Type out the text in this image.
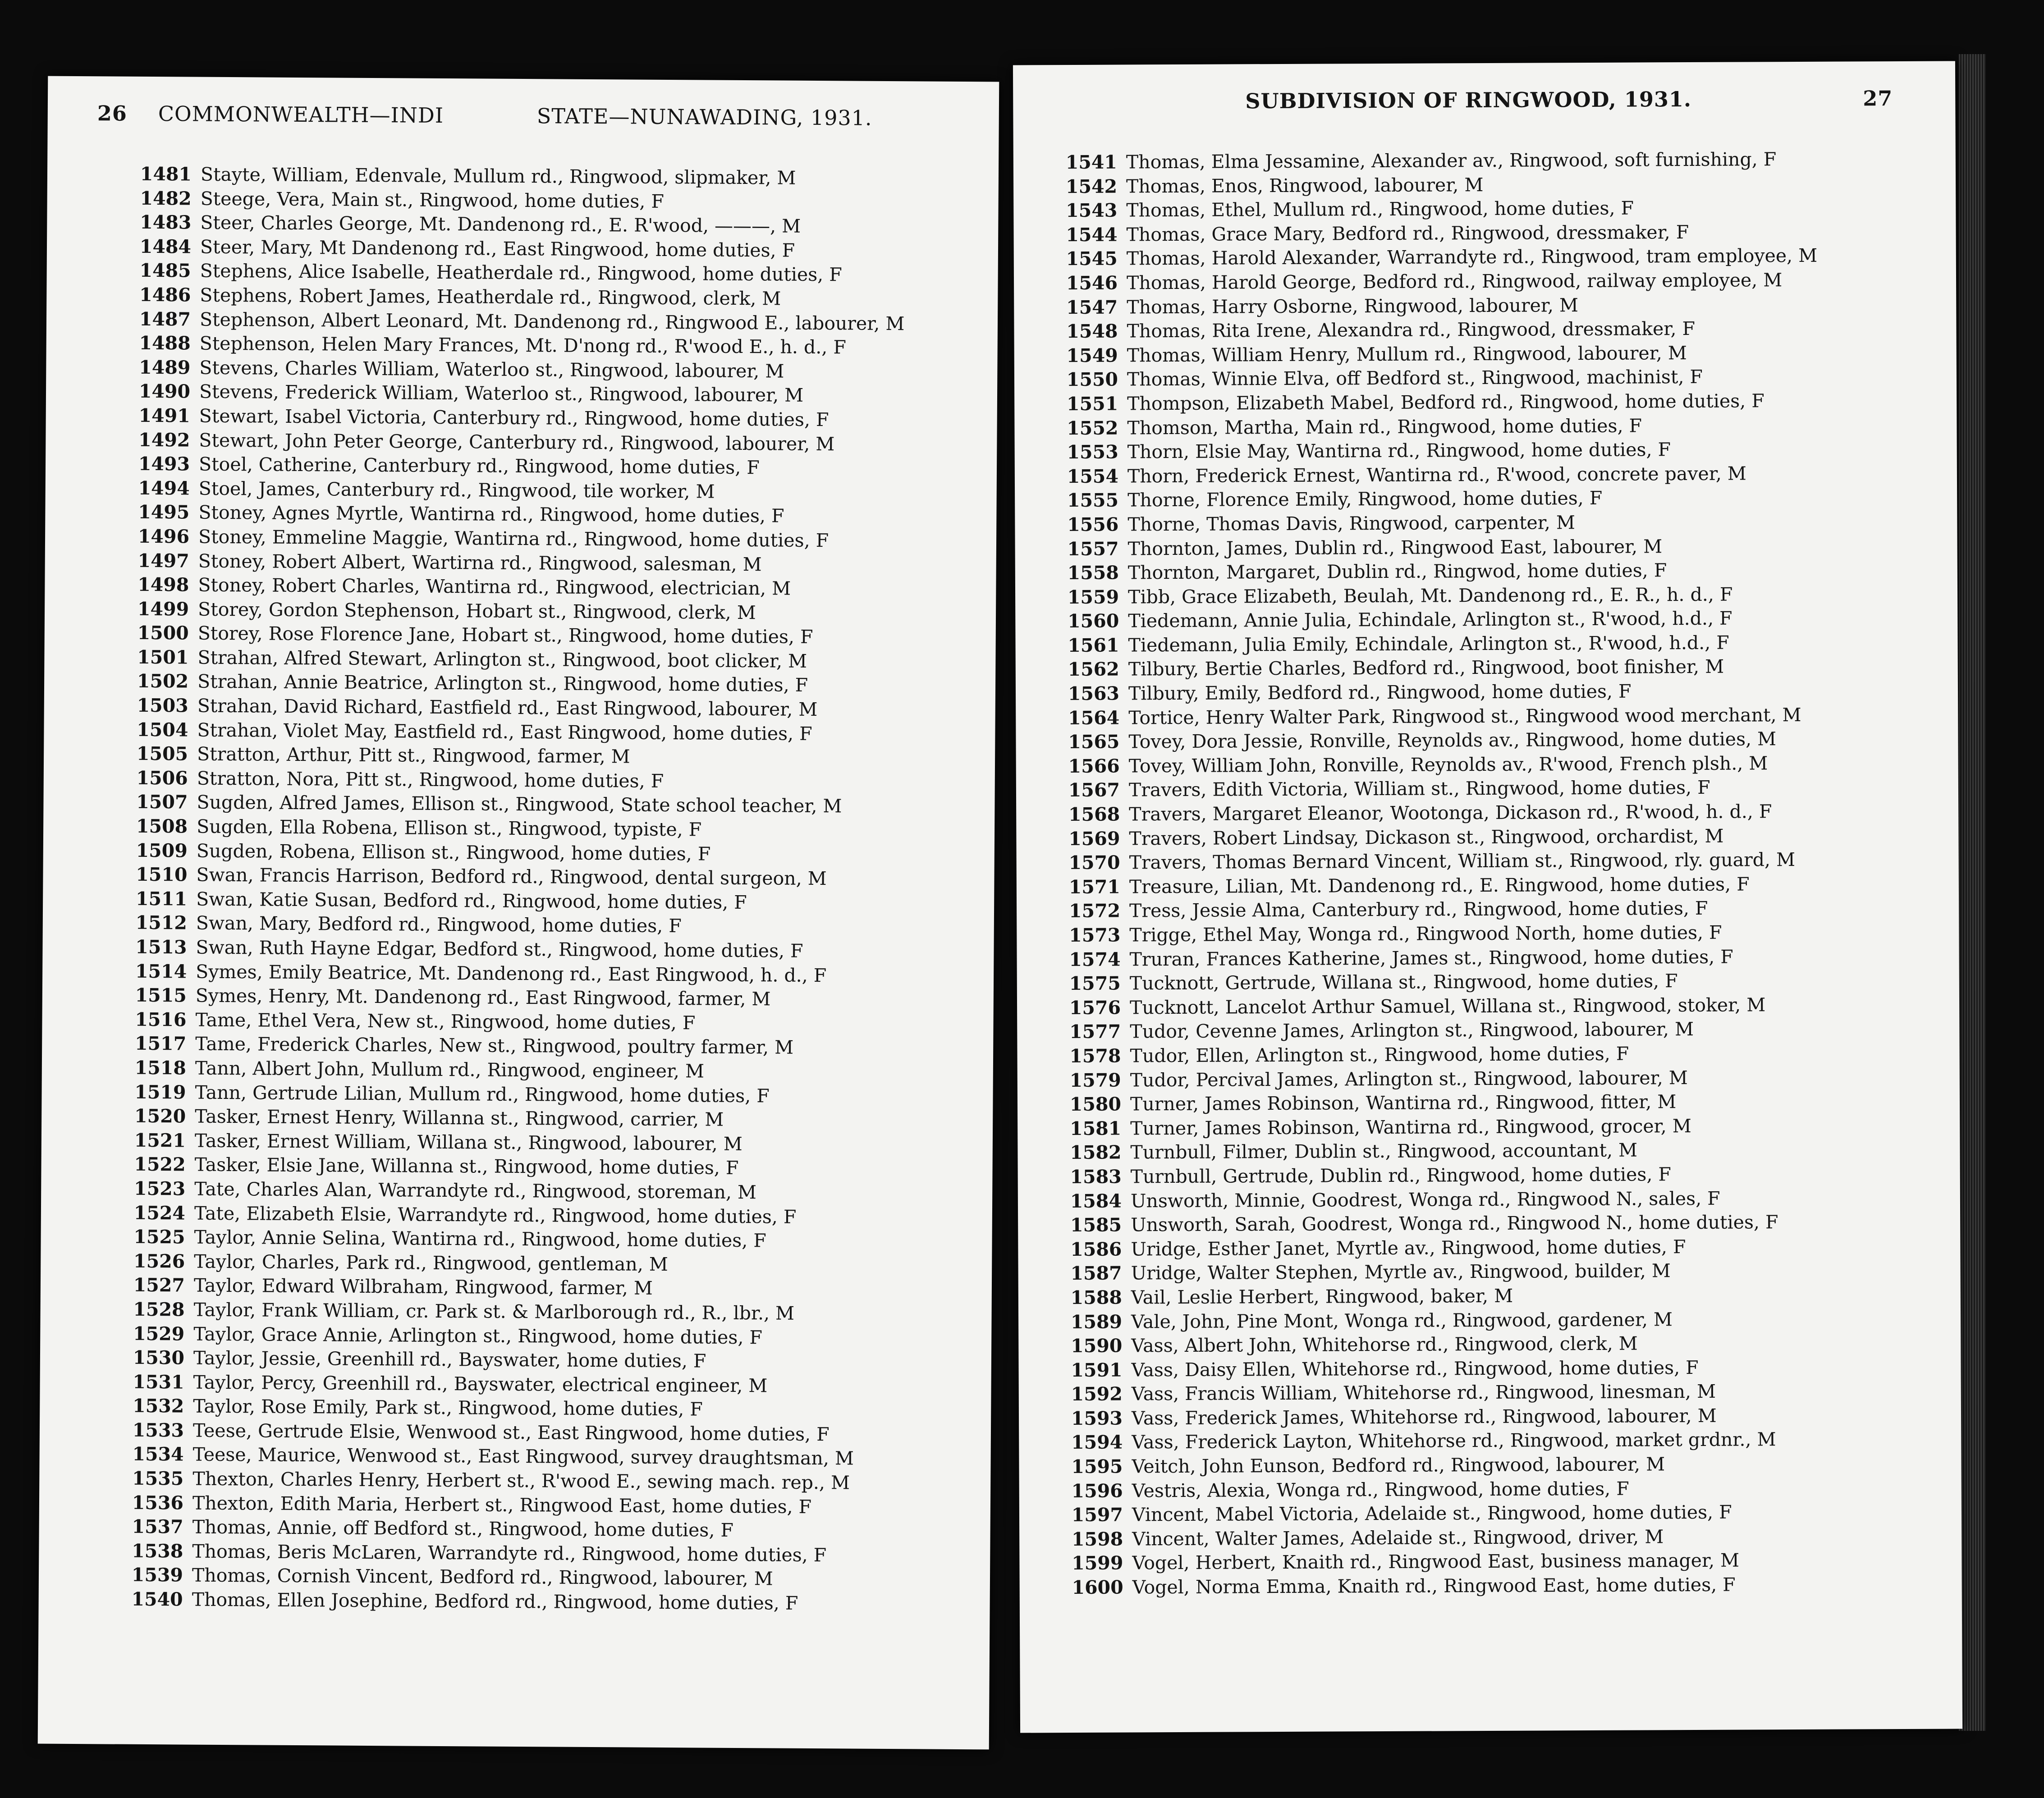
26 COMMONWEALTH—INDI	STATE—NUNAWADING, 1931.
1481 Stayte, William, Edenvale, Mullum rd., Ringwood, slipmaker, M
1482 Steege, Vera, Main st., Ringwood, home duties, F
1483 Steer, Charles George, Mt. Dandenong rd., E. R'wood, ———, M
1484 Steer, Mary, Mt Dandenong rd., East Ringwood, home duties, F
1485 Stephens, Alice Isabelle, Heatherdale rd., Ringwood, home duties, F
1486 Stephens, Robert James, Heatherdale rd., Ringwood, clerk, M
1487 Stephenson, Albert Leonard, Mt. Dandenong rd., Ringwood E., labourer, M
1488 Stephenson, Helen Mary Frances, Mt. D'nong rd., R'wood E., h. d., F
1489 Stevens, Charles William, Waterloo st., Ringwood, labourer, M
1490 Stevens, Frederick William, Waterloo st., Ringwood, labourer, M
1491 Stewart, Isabel Victoria, Canterbury rd., Ringwood, home duties, F
1492 Stewart, John Peter George, Canterbury rd., Ringwood, labourer, M
1493 Stoel, Catherine, Canterbury rd., Ringwood, home duties, F
1494 Stoel, James, Canterbury rd., Ringwood, tile worker, M
1495 Stoney, Agnes Myrtle, Wantirna rd., Ringwood, home duties, F
1496 Stoney, Emmeline Maggie, Wantirna rd., Ringwood, home duties, F
1497 Stoney, Robert Albert, Wartirna rd., Ringwood, salesman, M
1498 Stoney, Robert Charles, Wantirna rd., Ringwood, electrician, M
1499 Storey, Gordon Stephenson, Hobart st., Ringwood, clerk, M
1500 Storey, Rose Florence Jane, Hobart st., Ringwood, home duties, F
1501 Strahan, Alfred Stewart, Arlington st., Ringwood, boot clicker, M
1502 Strahan, Annie Beatrice, Arlington st., Ringwood, home duties, F
1503 Strahan, David Richard, Eastfield rd., East Ringwood, labourer, M
1504 Strahan, Violet May, Eastfield rd., East Ringwood, home duties, F
1505 Stratton, Arthur, Pitt st., Ringwood, farmer, M
1506 Stratton, Nora, Pitt st., Ringwood, home duties, F
1507 Sugden, Alfred James, Ellison st., Ringwood, State school teacher, M
1508 Sugden, Ella Robena, Ellison st., Ringwood, typiste, F
1509 Sugden, Robena, Ellison st., Ringwood, home duties, F
1510 Swan, Francis Harrison, Bedford rd., Ringwood, dental surgeon, M
1511 Swan, Katie Susan, Bedford rd., Ringwood, home duties, F
1512 Swan, Mary, Bedford rd., Ringwood, home duties, F
1513 Swan, Ruth Hayne Edgar, Bedford st., Ringwood, home duties, F
1514 Symes, Emily Beatrice, Mt. Dandenong rd., East Ringwood, h. d., F
1515 Symes, Henry, Mt. Dandenong rd., East Ringwood, farmer, M
1516 Tame, Ethel Vera, New st., Ringwood, home duties, F
1517 Tame, Frederick Charles, New st., Ringwood, poultry farmer, M
1518 Tann, Albert John, Mullum rd., Ringwood, engineer, M
1519 Tann, Gertrude Lilian, Mullum rd., Ringwood, home duties, F
1520 Tasker, Ernest Henry, Willanna st., Ringwood, carrier, M
1521 Tasker, Ernest William, Willana st., Ringwood, labourer, M
1522 Tasker, Elsie Jane, Willanna st., Ringwood, home duties, F
1523 Tate, Charles Alan, Warrandyte rd., Ringwood, storeman, M
1524 Tate, Elizabeth Elsie, Warrandyte rd., Ringwood, home duties, F
1525 Taylor, Annie Selina, Wantirna rd., Ringwood, home duties, F
1526 Taylor, Charles, Park rd., Ringwood, gentleman, M
1527 Taylor, Edward Wilbraham, Ringwood, farmer, M
1528 Taylor, Frank William, cr. Park st. & Marlborough rd., R., lbr., M
1529 Taylor, Grace Annie, Arlington st., Ringwood, home duties, F
1530 Taylor, Jessie, Greenhill rd., Bayswater, home duties, F
1531 Taylor, Percy, Greenhill rd., Bayswater, electrical engineer, M
1532 Taylor, Rose Emily, Park st., Ringwood, home duties, F
1533 Teese, Gertrude Elsie, Wenwood st., East Ringwood, home duties, F
1534 Teese, Maurice, Wenwood st., East Ringwood, survey draughtsman, M
1535 Thexton, Charles Henry, Herbert st., R'wood E., sewing mach. rep., M
1536 Thexton, Edith Maria, Herbert st., Ringwood East, home duties, F
1537 Thomas, Annie, off Bedford st., Ringwood, home duties, F
1538 Thomas, Beris McLaren, Warrandyte rd., Ringwood, home duties, F
1539 Thomas, Cornish Vincent, Bedford rd., Ringwood, labourer, M
1540 Thomas, Ellen Josephine, Bedford rd., Ringwood, home duties, F
SUBDIVISION OF RINGWOOD, 1931.	27
1541 Thomas, Elma Jessamine, Alexander av., Ringwood, soft furnishing, F
1542 Thomas, Enos, Ringwood, labourer, M
1543 Thomas, Ethel, Mullum rd., Ringwood, home duties, F
1544 Thomas, Grace Mary, Bedford rd., Ringwood, dressmaker, F
1545 Thomas, Harold Alexander, Warrandyte rd., Ringwood, tram employee, M
1546 Thomas, Harold George, Bedford rd., Ringwood, railway employee, M
1547 Thomas, Harry Osborne, Ringwood, labourer, M
1548 Thomas, Rita Irene, Alexandra rd., Ringwood, dressmaker, F
1549 Thomas, William Henry, Mullum rd., Ringwood, labourer, M
1550 Thomas, Winnie Elva, off Bedford st., Ringwood, machinist, F
1551 Thompson, Elizabeth Mabel, Bedford rd., Ringwood, home duties, F
1552 Thomson, Martha, Main rd., Ringwood, home duties, F
1553 Thorn, Elsie May, Wantirna rd., Ringwood, home duties, F
1554 Thorn, Frederick Ernest, Wantirna rd., R'wood, concrete paver, M
1555 Thorne, Florence Emily, Ringwood, home duties, F
1556 Thorne, Thomas Davis, Ringwood, carpenter, M
1557 Thornton, James, Dublin rd., Ringwood East, labourer, M
1558 Thornton, Margaret, Dublin rd., Ringwod, home duties, F
1559 Tibb, Grace Elizabeth, Beulah, Mt. Dandenong rd., E. R., h. d., F
1560 Tiedemann, Annie Julia, Echindale, Arlington st., R'wood, h.d., F
1561 Tiedemann, Julia Emily, Echindale, Arlington st., R'wood, h.d., F
1562 Tilbury, Bertie Charles, Bedford rd., Ringwood, boot finisher, M
1563 Tilbury, Emily, Bedford rd., Ringwood, home duties, F
1564 Tortice, Henry Walter Park, Ringwood st., Ringwood wood merchant, M
1565 Tovey, Dora Jessie, Ronville, Reynolds av., Ringwood, home duties, M
1566 Tovey, William John, Ronville, Reynolds av., R'wood, French plsh., M
1567 Travers, Edith Victoria, William st., Ringwood, home duties, F
1568 Travers, Margaret Eleanor, Wootonga, Dickason rd., R'wood, h. d., F
1569 Travers, Robert Lindsay, Dickason st., Ringwood, orchardist, M
1570 Travers, Thomas Bernard Vincent, William st., Ringwood, rly. guard, M
1571 Treasure, Lilian, Mt. Dandenong rd., E. Ringwood, home duties, F
1572 Tress, Jessie Alma, Canterbury rd., Ringwood, home duties, F
1573 Trigge, Ethel May, Wonga rd., Ringwood North, home duties, F
1574 Truran, Frances Katherine, James st., Ringwood, home duties, F
1575 Tucknott, Gertrude, Willana st., Ringwood, home duties, F
1576 Tucknott, Lancelot Arthur Samuel, Willana st., Ringwood, stoker, M
1577 Tudor, Cevenne James, Arlington st., Ringwood, labourer, M
1578 Tudor, Ellen, Arlington st., Ringwood, home duties, F
1579 Tudor, Percival James, Arlington st., Ringwood, labourer, M
1580 Turner, James Robinson, Wantirna rd., Ringwood, fitter, M
1581 Turner, James Robinson, Wantirna rd., Ringwood, grocer, M
1582 Turnbull, Filmer, Dublin st., Ringwood, accountant, M
1583 Turnbull, Gertrude, Dublin rd., Ringwood, home duties, F
1584 Unsworth, Minnie, Goodrest, Wonga rd., Ringwood N., sales, F
1585 Unsworth, Sarah, Goodrest, Wonga rd., Ringwood N., home duties, F
1586 Uridge, Esther Janet, Myrtle av., Ringwood, home duties, F
1587 Uridge, Walter Stephen, Myrtle av., Ringwood, builder, M
1588 Vail, Leslie Herbert, Ringwood, baker, M
1589 Vale, John, Pine Mont, Wonga rd., Ringwood, gardener, M
1590 Vass, Albert John, Whitehorse rd., Ringwood, clerk, M
1591 Vass, Daisy Ellen, Whitehorse rd., Ringwood, home duties, F
1592 Vass, Francis William, Whitehorse rd., Ringwood, linesman, M
1593 Vass, Frederick James, Whitehorse rd., Ringwood, labourer, M
1594 Vass, Frederick Layton, Whitehorse rd., Ringwood, market grdnr., M
1595 Veitch, John Eunson, Bedford rd., Ringwood, labourer, M
1596 Vestris, Alexia, Wonga rd., Ringwood, home duties, F
1597 Vincent, Mabel Victoria, Adelaide st., Ringwood, home duties, F
1598 Vincent, Walter James, Adelaide st., Ringwood, driver, M
1599 Vogel, Herbert, Knaith rd., Ringwood East, business manager, M
1600 Vogel, Norma Emma, Knaith rd., Ringwood East, home duties, F
